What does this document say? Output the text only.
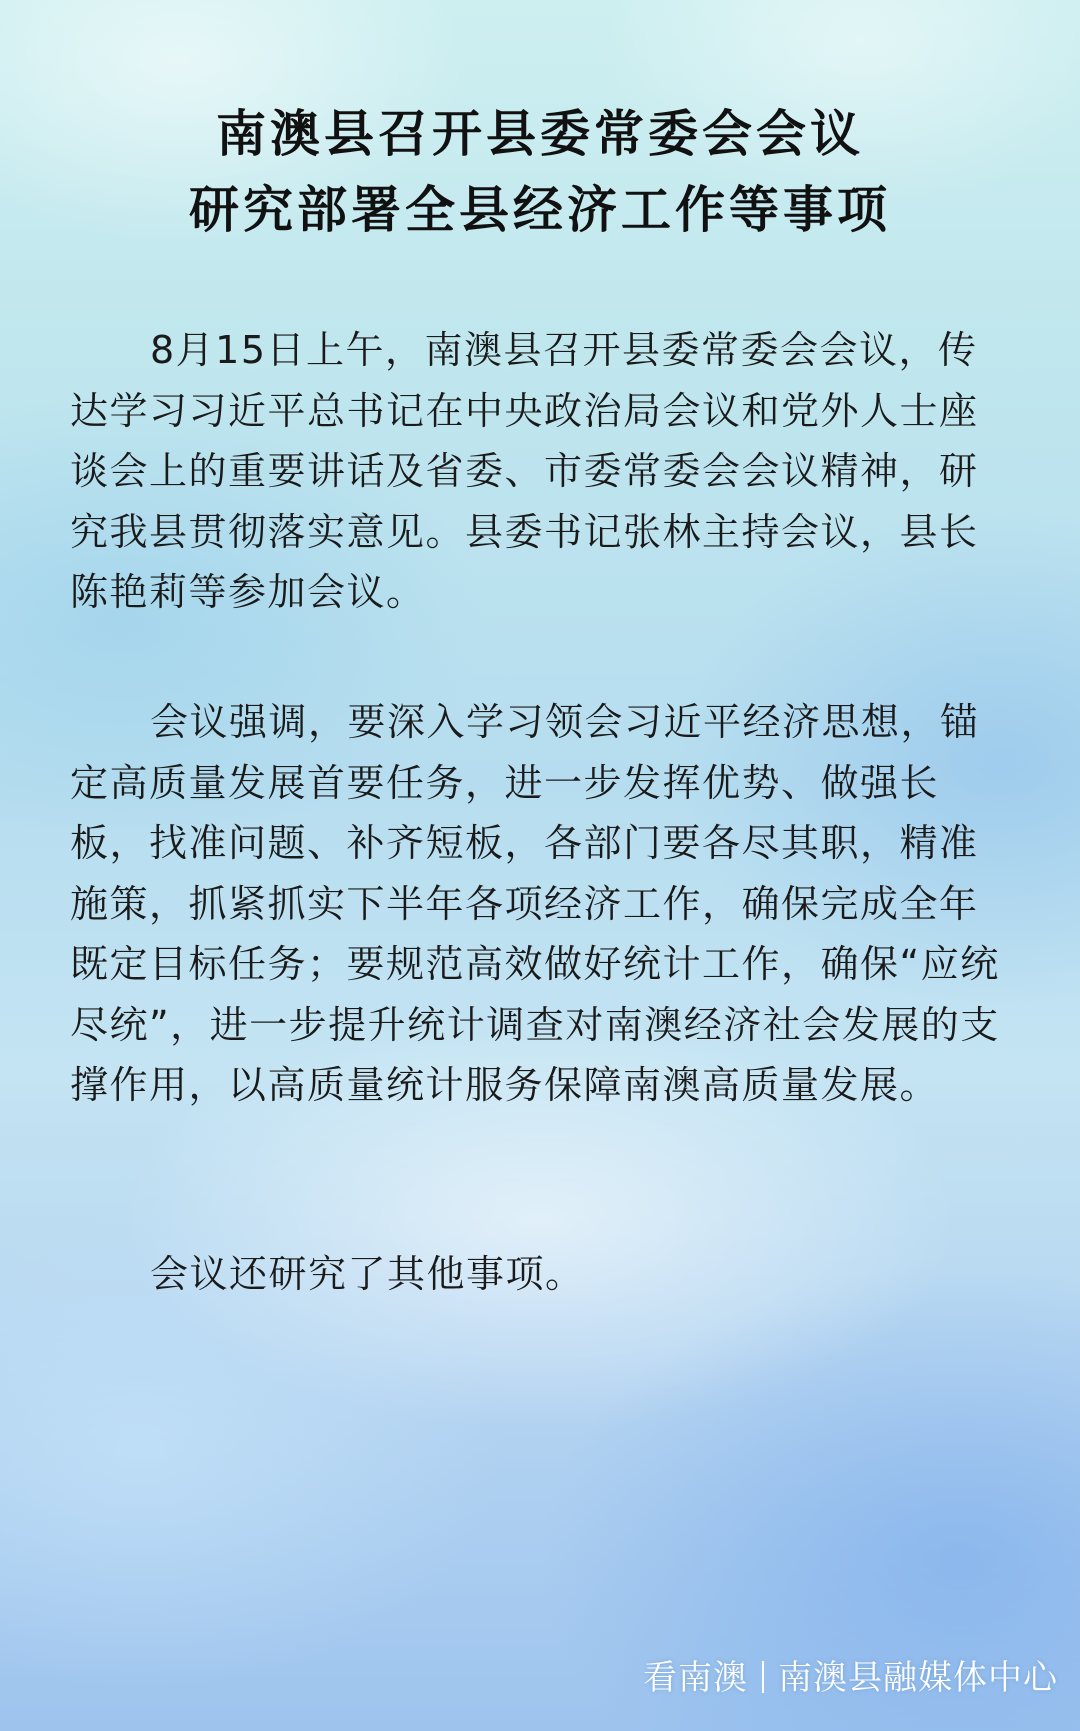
南澳县召开县委常委会会议
研究部署全县经济工作等事项

8月15日上午，南澳县召开县委常委会会议，传达学习习近平总书记在中央政治局会议和党外人士座谈会上的重要讲话及省委、市委常委会会议精神，研究我县贯彻落实意见。县委书记张林主持会议，县长陈艳莉等参加会议。

会议强调，要深入学习领会习近平经济思想，锚定高质量发展首要任务，进一步发挥优势、做强长板，找准问题、补齐短板，各部门要各尽其职，精准施策，抓紧抓实下半年各项经济工作，确保完成全年既定目标任务；要规范高效做好统计工作，确保“应统尽统”，进一步提升统计调查对南澳经济社会发展的支撑作用，以高质量统计服务保障南澳高质量发展。

会议还研究了其他事项。

看南澳 南澳县融媒体中心
